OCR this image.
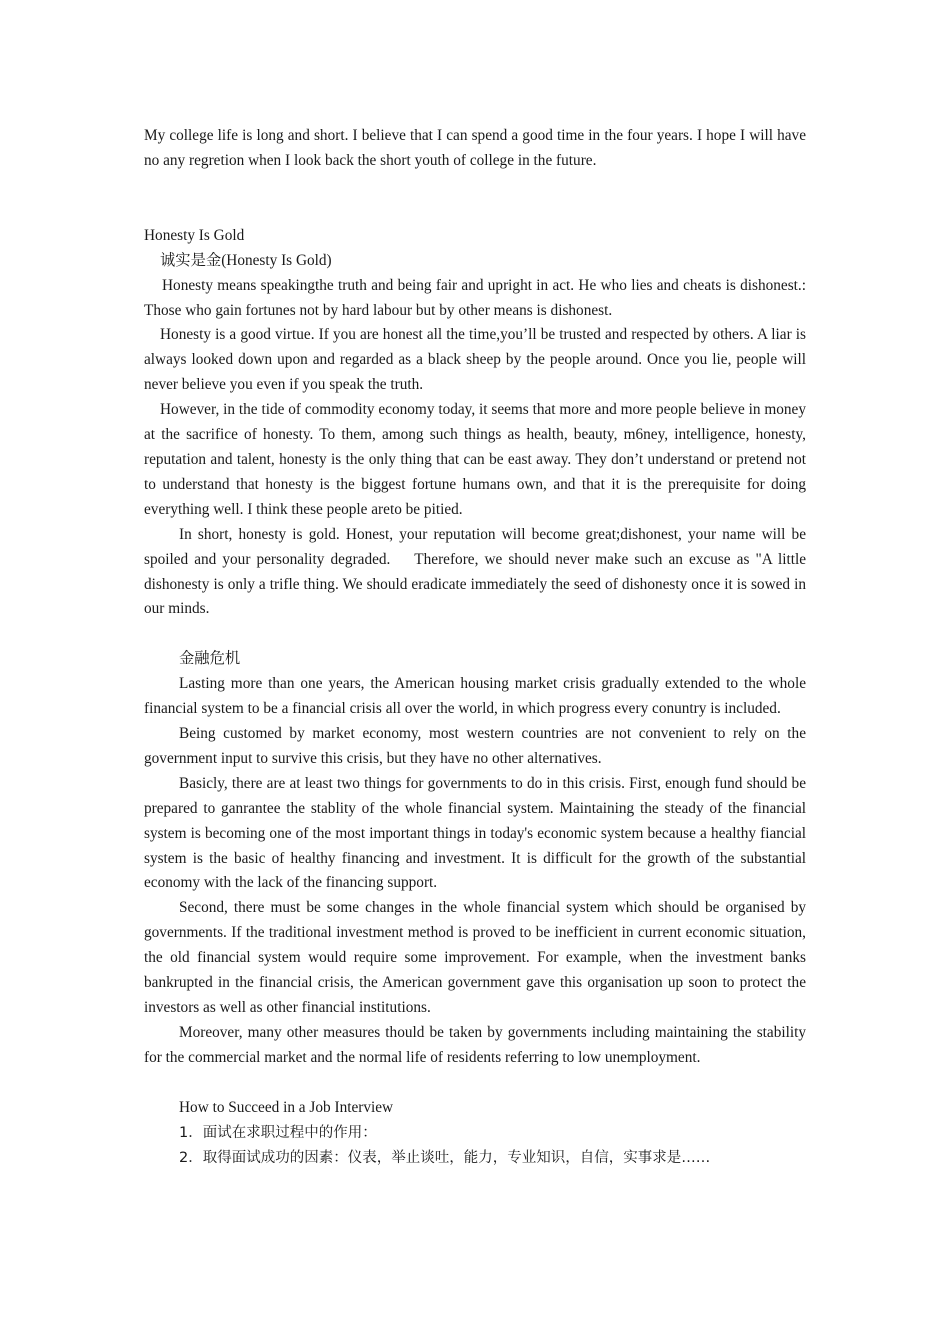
My college life is long and short. I believe that I can spend a good time in the four years. I hope I will have no any regretion when I look back the short youth of college in the future.

Honesty Is Gold

诚实是金(Honesty Is Gold)

Honesty means speakingthe truth and being fair and upright in act. He who lies and cheats is dishonest.: Those who gain fortunes not by hard labour but by other means is dishonest.

Honesty is a good virtue. If you are honest all the time,you’ll be trusted and respected by others. A liar is always looked down upon and regarded as a black sheep by the people around. Once you lie, people will never believe you even if you speak the truth.

However, in the tide of commodity economy today, it seems that more and more people believe in money at the sacrifice of honesty. To them, among such things as health, beauty, m6ney, intelligence, honesty, reputation and talent, honesty is the only thing that can be east away. They don’t understand or pretend not to understand that honesty is the biggest fortune humans own, and that it is the prerequisite for doing everything well. I think these people areto be pitied.

In short, honesty is gold. Honest, your reputation will become great;dishonest, your name will be spoiled and your personality degraded.    Therefore, we should never make such an excuse as "A little dishonesty is only a trifle thing. We should eradicate immediately the seed of dishonesty once it is sowed in our minds.

金融危机

Lasting more than one years, the American housing market crisis gradually extended to the whole financial system to be a financial crisis all over the world, in which progress every conuntry is included.

Being customed by market economy, most western countries are not convenient to rely on the government input to survive this crisis, but they have no other alternatives.

Basicly, there are at least two things for governments to do in this crisis. First, enough fund should be prepared to ganrantee the stablity of the whole financial system. Maintaining the steady of the financial system is becoming one of the most important things in today's economic system because a healthy fiancial system is the basic of healthy financing and investment. It is difficult for the growth of the substantial economy with the lack of the financing support.

Second, there must be some changes in the whole financial system which should be organised by governments. If the traditional investment method is proved to be inefficient in current economic situation, the old financial system would require some improvement. For example, when the investment banks bankrupted in the financial crisis, the American government gave this organisation up soon to protect the investors as well as other financial institutions.

Moreover, many other measures thould be taken by governments including maintaining the stability for the commercial market and the normal life of residents referring to low unemployment.

How to Succeed in a Job Interview

1．面试在求职过程中的作用：

2．取得面试成功的因素：仪表，举止谈吐，能力，专业知识，自信，实事求是……
